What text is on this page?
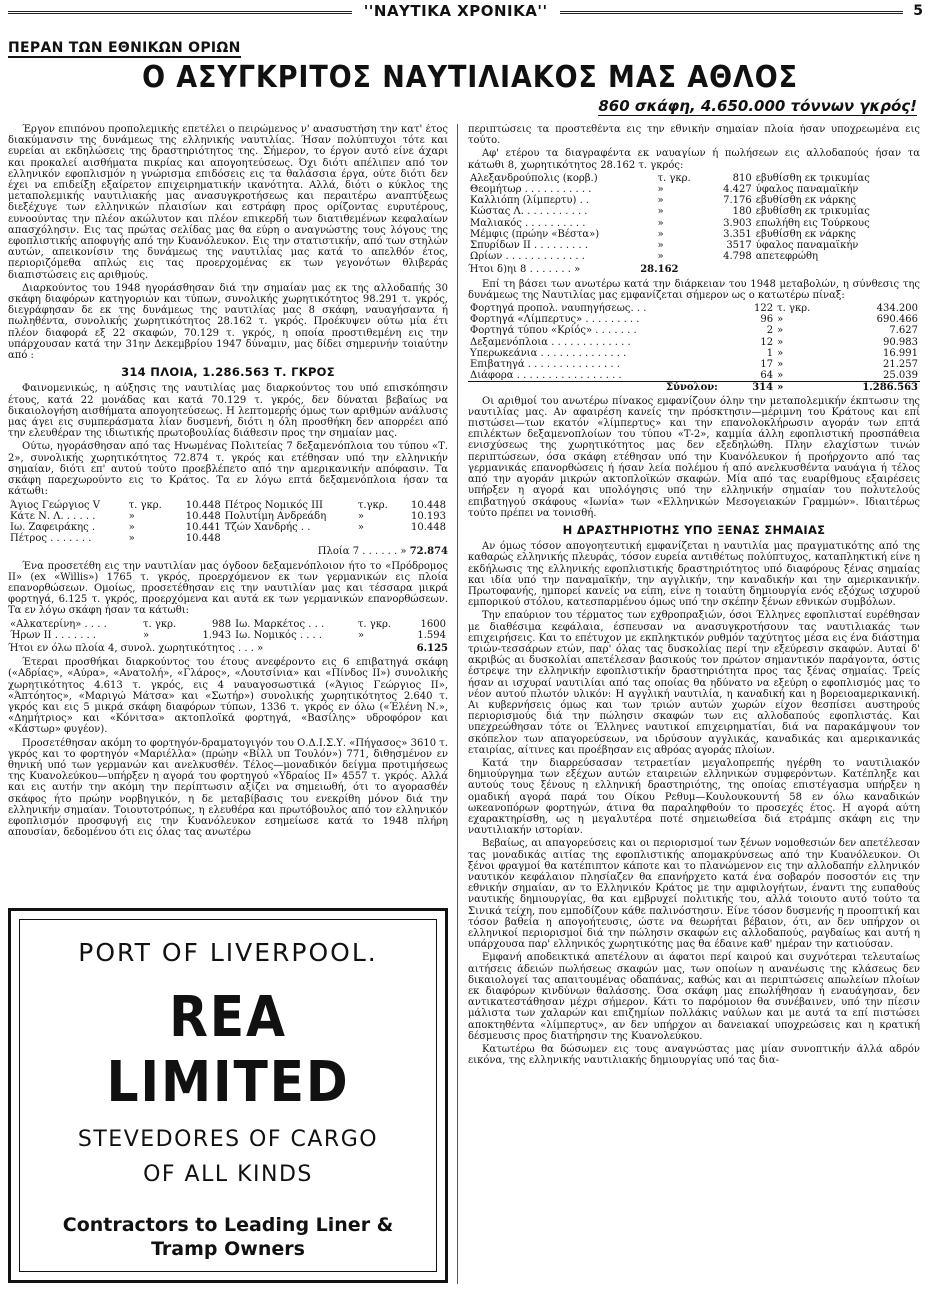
''ΝΑΥΤΙΚΑ ΧΡΟΝΙΚΑ''	5
ΠΕΡΑΝ ΤΩΝ ΕΘΝΙΚΩΝ ΟΡΙΩΝ
Ο ΑΣΥΓΚΡΙΤΟΣ ΝΑΥΤΙΛΙΑΚΟΣ ΜΑΣ ΑΘΛΟΣ
860 σκάφη, 4.650.000 τόννων γκρός!

Έργον επιπόνου προπολεμικής επετέλει ο πειρώμενος ν' ανασυστήση την κατ' έτος διακύμανσιν της δυνάμεως της ελληνικής ναυτιλίας. Ήσαν πολύπτυχοι τότε και ευρείαι αι εκδηλώσεις της δραστηριότητος της. Σήμερον, το έργον αυτό είνε άχαρι και προκαλεί αισθήματα πικρίας και απογοητεύσεως. Όχι διότι απέλιπεν από τον ελληνικόν εφοπλισμόν η γνώρισμα επιδόσεις εις τα θαλάσσια έργα, ούτε διότι δεν έχει να επιδείξη εξαίρετον επιχειρηματικήν ικανότητα. Αλλά, διότι ο κύκλος της μεταπολεμικής ναυτιλιακής μας ανασυγκροτήσεως και περαιτέρω αναπτύξεως διεξέχυγε των ελληνικών πλαισίων και εστράφη προς ορίζοντας ευρυτέρους, ευνοούντας την πλέον ακώλυτον και πλέον επικερδή των διατιθεμένων κεφαλαίων απασχόλησιν. Εις τας πρώτας σελίδας μας θα εύρη ο αναγνώστης τους λόγους της εφοπλιστικής αποφυγής από την Κυανόλευκον. Εις την στατιστικήν, από των στηλών αυτών, απεικονίσιν της δυνάμεως της ναυτιλίας μας κατά το απελθόν έτος, περιοριζόμεθα απλώς εις τας προερχομένας εκ των γεγονότων θλιβεράς διαπιστώσεις εις αριθμούς.

Διαρκούντος του 1948 ηγοράσθησαν διά την σημαίαν μας εκ της αλλοδαπής 30 σκάφη διαφόρων κατηγοριών και τύπων, συνολικής χωρητικότητος 98.291 τ. γκρός, διεγράφησαν δε εκ της δυνάμεως της ναυτιλίας μας 8 σκάφη, ναυαγήσαντα ή πωληθέντα, συνολικής χωρητικότητος 28.162 τ. γκρός. Προέκυψεν ούτω μία έτι πλέον διαφορά εξ 22 σκαφών, 70.129 τ. γκρός, η οποία προστιθεμένη εις την υπάρχουσαν κατά την 31ην Δεκεμβρίου 1947 δύναμιν, μας δίδει σημερινήν τοιαύτην από :

314 ΠΛΟΙΑ, 1.286.563 Τ. ΓΚΡΟΣ

Φαινομενικώς, η αύξησις της ναυτιλίας μας διαρκούντος του υπό επισκόπησιν έτους, κατά 22 μονάδας και κατά 70.129 τ. γκρός, δεν δύναται βεβαίως να δικαιολογήση αισθήματα απογοητεύσεως. Η λεπτομερής όμως των αριθμών ανάλυσις μας άγει εις συμπεράσματα λίαν δυσμενή, διότι η όλη προσθήκη δεν απορρέει από την ελευθέραν της ιδιωτικής πρωτοβουλίας διάθεσιν προς την σημαίαν μας.

Ούτω, ηγοράσθησαν από τας Ηνωμένας Πολιτείας 7 δεξαμενόπλοια του τύπου «Τ. 2», συνολικής χωρητικότητος 72.874 τ. γκρός και ετέθησαν υπό την ελληνικήν σημαίαν, διότι επ' αυτού τούτο προεβλέπετο από την αμερικανικήν απόφασιν. Τα σκάφη παρεχωρούντο εις το Κράτος. Τα εν λόγω επτά δεξαμενόπλοια ήσαν τα κάτωθι:

Άγιος Γεώργιος V	τ. γκρ.	10.448	Πέτρος Νομικός III	τ.γκρ.	10.448
Κάτε Ν. Λ. . . . . .	»	10.448	Πολυτίμη Ανδρεάδη	»	10.193
Ιω. Ζαφειράκης .	»	10.441	Τζών Χανδρής . .	»	10.448
Πέτρος . . . . . . .	»	10.448			
Πλοία 7 . . . . . . » 72.874

Ένα προσετέθη εις την ναυτιλίαν μας όγδοον δεξαμενόπλοιον ήτο το «Πρόδρομος ΙΙ» (ex «Willis») 1765 τ. γκρός, προερχόμενον εκ των γερμανικών εις πλοία επανορθώσεων. Ομοίως, προσετέθησαν εις την ναυτιλίαν μας και τέσσαρα μικρά φορτηγά, 6.125 τ. γκρός, προερχόμενα και αυτά εκ των γερμανικών επανορθώσεων. Τα εν λόγω σκάφη ήσαν τα κάτωθι:

«Αλκατερίνη» . . . .	τ. γκρ.	988	Ιω. Μαρκέτος . . .	τ. γκρ.	1600
Ήρων II . . . . . . .	»	1.943	Ιω. Νομικός . . . .	»	1.594
Ήτοι εν όλω πλοία 4, συνολ. χωρητικότητος . . . »	6.125

Έτεραι προσθήκαι διαρκούντος του έτους ανεφέροντο εις 6 επιβατηγά σκάφη («Αδρίας», «Αύρα», «Ανατολή», «Γλάρος», «Λουτσίνια» και «Πίνδος ΙΙ») συνολικής χωρητικότητος 4.613 τ. γκρός, εις 4 ναυαγοσωστικά («Άγιος Γεώργιος ΙΙ», «Άπτόητος», «Μαριγώ Μάτσα» και «Σωτήρ») συνολικής χωρητικότητος 2.640 τ. γκρός και εις 5 μικρά σκάφη διαφόρων τύπων, 1336 τ. γκρός εν όλω («Έλένη Ν.», «Δημήτριος» και «Κόνιτσα» ακτοπλοϊκά φορτηγά, «Βασίλης» υδροφόρον και «Κάστωρ» φυγέον).

Προσετέθησαν ακόμη το φορτηγόν-δραματογιγόν του Ο.Δ.Ι.Σ.Υ. «Πήγασος» 3610 τ. γκρός και το φορτηγόν «Μαριέλλα» (πρώην «Βίλλ υπ Τουλόν») 771, διθησμένον εν θηνική υπό των γερμανών και ανελκυσθέν. Τέλος—μοναδικόν δείγμα προτιμήσεως της Κυανολεύκου—υπήρξεν η αγορά του φορτηγού «Υδραίος ΙΙ» 4557 τ. γκρός. Αλλά και εις αυτήν την ακόμη την περίπτωσιν αξίζει να σημειωθή, ότι το αγορασθέν σκάφος ήτο πρώην νορβηγικόν, η δε μεταβίβασις του ενεκρίθη μόνον διά την ελληνικήν σημαίαν. Τοιουτοτρόπως, η ελευθέρα και πρωτόβουλος από τον ελληνικόν εφοπλισμόν προσφυγή εις την Κυανόλευκον εσημείωσε κατά το 1948 πλήρη απουσίαν, δεδομένου ότι εις όλας τας ανωτέρω

περιπτώσεις τα προστεθέντα εις την εθνικήν σημαίαν πλοία ήσαν υποχρεωμένα εις τούτο.

Αφ' ετέρου τα διαγραφέντα εκ ναυαγίων ή πωλήσεων εις αλλοδαπούς ήσαν τα κάτωθι 8, χωρητικότητος 28.162 τ. γκρός:

Αλεξανδρούπολις (κορβ.)	τ. γκρ.	810	εβυθίσθη εκ τρικυμίας
Θεομήτωρ . . . . . . . . . . .	»	4.427	ύφαλος παναμαϊκήν
Καλλιόπη (λίμπερτυ) . .	»	7.176	εβυθίσθη εκ νάρκης
Κώστας Λ. . . . . . . . . . .	»	180	εβυθίσθη εκ τρικυμίας
Μαλιακός . . . . . . . . . .	»	3.903	επωλήθη εις Τούρκους
Μέμφις (πρώην «Βέστα»)	»	3.351	εβυθίσθη εκ νάρκης
Σπυρίδων II . . . . . . . . .	»	3517	ύφαλος παναμαϊκήν
Ωρίων . . . . . . . . . . . . .	»	4.798	απετεφρώθη
Ήτοι δ)ηι 8 . . . . . . . »	28.162

Επί τη βάσει των ανωτέρω κατά την διάρκειαν του 1948 μεταβολών, η σύνθεσις της δυνάμεως της Ναυτιλίας μας εμφανίζεται σήμερον ως ο κατωτέρω πίναξ:

Φορτηγά προπολ. ναυπηγήσεως. . .	122	τ. γκρ.	434.200
Φορτηγά «Λίμπερτυς» . . . . . . . . .	96	»	690.466
Φορτηγά τύπου «Κρίός» . . . . . . .	2	»	7.627
Δεξαμενόπλοια . . . . . . . . . . . . .	12	»	90.983
Υπερωκεάνια . . . . . . . . . . . . . .	1	»	16.991
Επιβατηγά . . . . . . . . . . . . . . .	17	»	21.257
Διάφορα . . . . . . . . . . . . . . . . .	64	»	25.039
Σύνολον:	314	»	1.286.563

Οι αριθμοί του ανωτέρω πίνακος εμφανίζουν όλην την μεταπολεμικήν έκπτωσιν της ναυτιλίας μας. Αν αφαιρέση κανείς την πρόσκτησιν—μέριμνη του Κράτους και επί πιστώσει—των εκατόν «λίμπερτυς» και την επανολοκλήρωσιν αγοράν των επτά επιλέκτων δεξαμενοπλοίων του τύπου «Τ-2», καμμία άλλη εφοπλιστική προσπάθεια ενισχύσεως της χωρητικότητος μας δεν εξεδηλώθη. Πλην ελαχίστων τινών περιπτώσεων, όσα σκάφη ετέθησαν υπό την Κυανόλευκον ή προήρχοντο από τας γερμανικάς επανορθώσεις ή ήσαν λεία πολέμου ή από ανελκυσθέντα ναυάγια ή τέλος από την αγοράν μικρών ακτοπλοϊκών σκαφών. Μία από τας ευαρίθμους εξαιρέσεις υπήρξεν η αγορά και υπολόγησις υπό την ελληνικήν σημαίαν του πολυτελούς επιβατηγού σκάφους «Ιωνία» των «Ελληνικών Μεσογειακών Γραμμών». Ιδιαιτέρως τούτο πρέπει να τονισθή.

Η ΔΡΑΣΤΗΡΙΟΤΗΣ ΥΠΟ ΞΕΝΑΣ ΣΗΜΑΙΑΣ

Αν όμως τόσον απογοητευτική εμφανίζεται η ναυτιλία μας πραγματικότης από της καθαρώς ελληνικής πλευράς, τόσον ευρεία αντιθέτως πολύπτυχος, καταπληκτική είνε η εκδήλωσις της ελληνικής εφοπλιστικής δραστηριότητος υπό διαφόρους ξένας σημαίας και ιδία υπό την παναμαϊκήν, την αγγλικήν, την καναδικήν και την αμερικανικήν. Πρωτοφανής, ημπορεί κανείς να είπη, είνε η τοιαύτη δημιουργία ενός εξόχως ισχυρού εμπορικού στόλου, κατεσπαρμένου όμως υπό την σκέπην ξένων εθνικών συμβόλων.

Την επαύριον του τέρματος των εχθροπραξιών, όσοι Έλληνες εφοπλισταί ευρέθησαν με διαθέσιμα κεφάλαια, έσπευσαν να ανασυγκροτήσουν τας ναυτιλιακάς των επιχειρήσεις. Και το επέτυχον με εκπληκτικόν ρυθμόν ταχύτητος μέσα εις ένα διάστημα τριών-τεσσάρων ετών, παρ' όλας τας δυσκολίας περί την εξεύρεσιν σκαφών. Αυταί δ' ακριβώς αι δυσκολίαι απετέλεσαν βασικούς τον πρώτον σημαντικόν παράγοντα, όστις έστρεψε την ελληνικήν εφοπλιστικήν δραστηριότητα προς τας ξένας σημαίας. Τρείς ήσαν αι ισχυραί ναυτιλίαι από τας οποίας θα ηδύνατο να εξεύρη ο εφοπλισμός μας το νέον αυτού πλωτόν υλικόν: Η αγγλική ναυτιλία, η καναδική και η βορειοαμερικανική. Αι κυβερνήσεις όμως και των τριών αυτών χωρών είχον θεσπίσει αυστηρούς περιορισμούς διά την πώλησιν σκαφών των εις αλλοδαπούς εφοπλιστάς. Και υπεχρεώθησαν τότε οι Έλληνες ναυτικοί επιχειρηματίαι, διά να παρακάμψουν τον σκόπελον των απαγορεύσεων, να ιδρύσουν αγγλικάς, καναδικάς και αμερικανικάς εταιρίας, αίτινες και προέβησαν εις αθρόας αγοράς πλοίων.

Κατά την διαρρεύσασαν τετραετίαν μεγαλοπρεπής ηγέρθη το ναυτιλιακόν δημιούργημα των εξέχων αυτών εταιρειών ελληνικών συμφερόντων. Κατέπληξε και αυτούς τους ξένους η ελληνική δραστηριότης, της οποίας επιστέγασμα υπήρξεν η ομαδική αγορά παρά του Οίκου Ρεθυμ—Κουλουκουντή 58 εν όλω καναδικών ωκεανοπόρων φορτηγών, άτινα θα παραληφθούν το προσεχές έτος. Η αγορά αύτη εχαρακτηρίσθη, ως η μεγαλυτέρα ποτέ σημειωθείσα διά ετράμπς σκάφη εις την ναυτιλιακήν ιστορίαν.

Βεβαίως, αι απαγορεύσεις και οι περιορισμοί των ξένων νομοθεσιών δεν απετέλεσαν τας μοναδικάς αιτίας της εφοπλιστικής απομακρύνσεως από την Κυανόλευκον. Οι ξένοι φραγμοί θα κατέπιπτον κάποτε και το πλανώμενον εις την αλλοδαπήν ελληνικόν ναυτικόν κεφάλαιον πλησίαζεν θα επανήρχετο κατά ένα σοβαρόν ποσοστόν εις την εθνικήν σημαίαν, αν το Ελληνικόν Κράτος με την αμφιλογήτων, έναντι της ευπαθούς ναυτικής δημιουργίας, θα και εμβρυχεί πολιτικής του, αλλά τοιουτο αυτό τούτο τα Σινικά τείχη, που εμποδίζουν κάθε παλινόστησιν. Είνε τόσον δυσμενής η προοπτική και τόσον βαθεία η απογοήτευσις, ώστε να θεωρήται βέβαιον, ότι, αν δεν υπήρχον οι ελληνικοί περιορισμοί διά την πώλησιν σκαφών εις αλλοδαπούς, ραγδαίως και αυτή η υπάρχουσα παρ' ελληνικός χωρητικότης μας θα έδαινε καθ' ημέραν την κατιούσαν.

Εμφανή αποδεικτικά απετέλουν αι άφατοι περί καιρού και συχνότεραι τελευταίως αιτήσεις άδειών πωλήσεως σκαφών μας, των οποίων η ανανέωσις της κλάσεως δεν δικαιολογεί τας απαιτουμένας οδαπάνας, καθώς και αι περιπτώσεις απωλείων πλοίων εκ διαφόρων κινδύνων θαλάσσης. Όσα σκάφη μας επωλήθησαν ή εναυάγησαν, δεν αντικατεστάθησαν μέχρι σήμερον. Κάτι το παρόμοιον θα συνέβαινεν, υπό την πίεσιν μάλιστα των χαλαρών και επιζημίων πολλάκις ναύλων και με αυτά τα επί πιστώσει αποκτηθέντα «λίμπερτυς», αν δεν υπήρχον αι δανειακαί υποχρεώσεις και η κρατική δέσμευσις προς διατήρησιν της Κυανολεύκου.

Κατωτέρω θα δώσωμεν εις τους αναγνώστας μας μίαν συνοπτικήν άλλά αδρόν εικόνα, της ελληνικής ναυτιλιακής δημιουργίας υπό τας δια-

PORT OF LIVERPOOL.
REA LIMITED
STEVEDORES OF CARGO
OF ALL KINDS
Contractors to Leading Liner &
Tramp Owners
